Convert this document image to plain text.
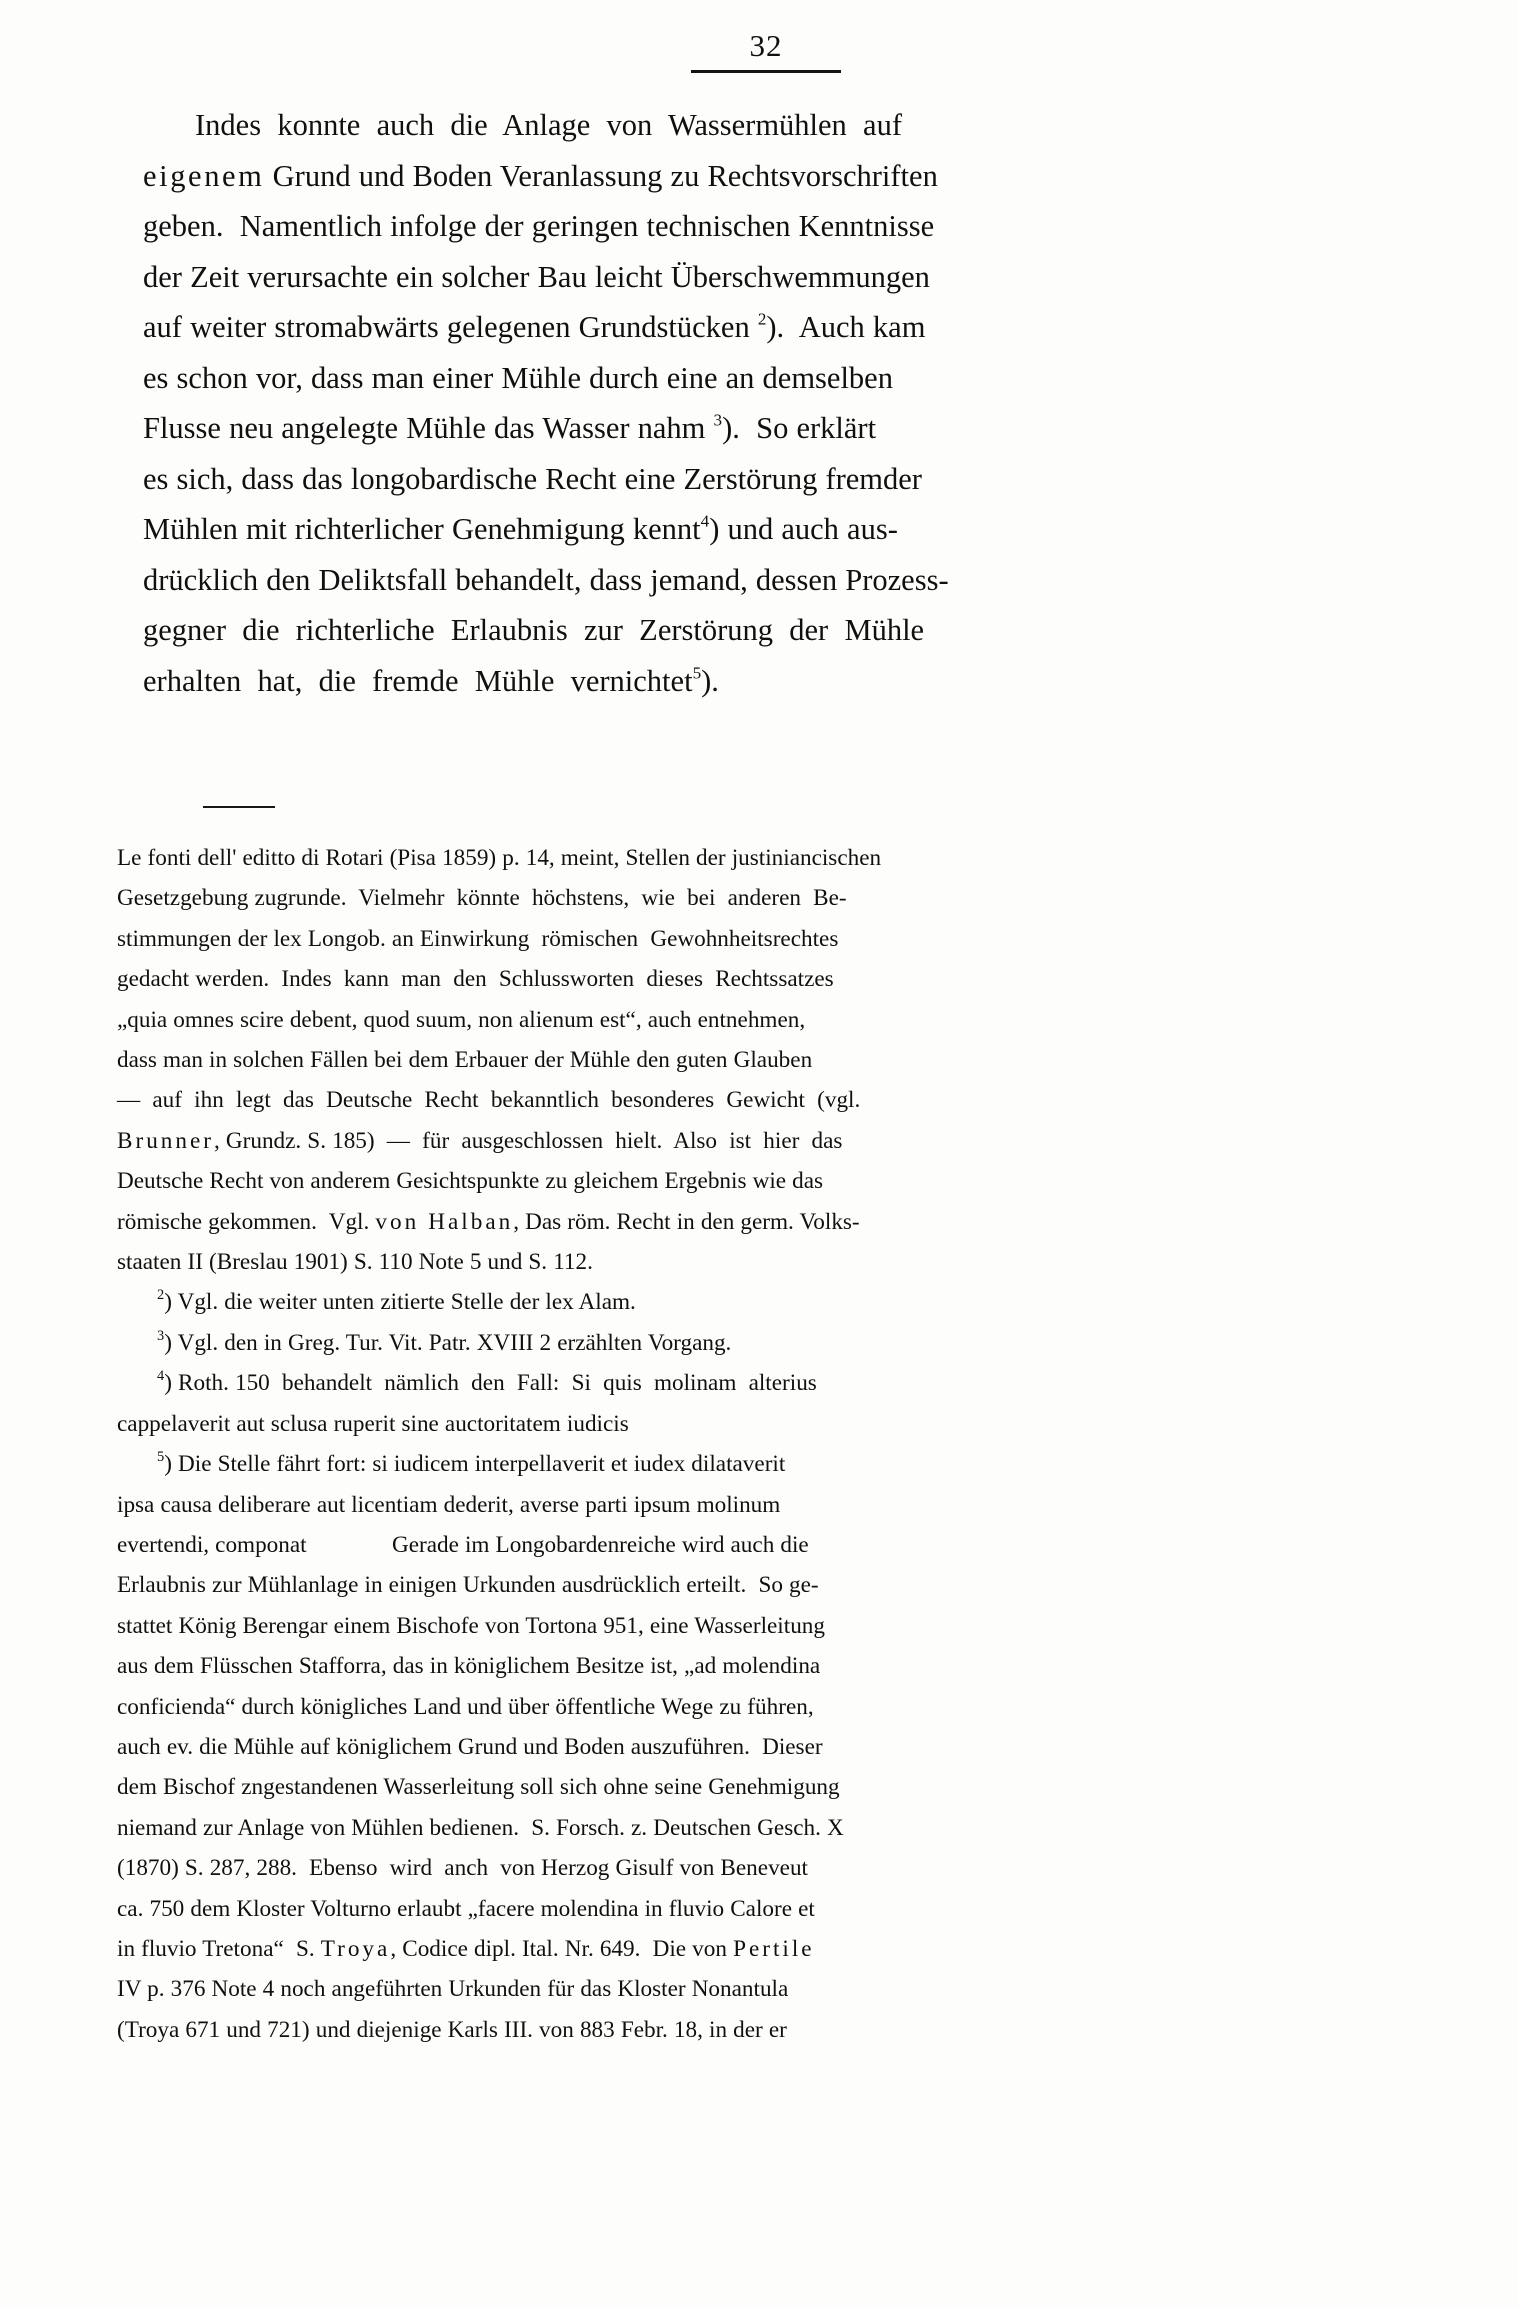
32

Indes  konnte  auch  die  Anlage  von  Wassermühlen  auf
eigenem Grund und Boden Veranlassung zu Rechtsvorschriften
geben.  Namentlich infolge der geringen technischen Kenntnisse
der Zeit verursachte ein solcher Bau leicht Überschwemmungen
auf weiter stromabwärts gelegenen Grundstücken $^2$).  Auch kam
es schon vor, dass man einer Mühle durch eine an demselben
Flusse neu angelegte Mühle das Wasser nahm $^3$).  So erklärt
es sich, dass das longobardische Recht eine Zerstörung fremder
Mühlen mit richterlicher Genehmigung kennt$^4$) und auch aus-
drücklich den Deliktsfall behandelt, dass jemand, dessen Prozess-
gegner  die  richterliche  Erlaubnis  zur  Zerstörung  der  Mühle
erhalten  hat,  die  fremde  Mühle  vernichtet$^5$).

Le fonti dell' editto di Rotari (Pisa 1859) p. 14, meint, Stellen der justiniancischen
Gesetzgebung zugrunde.  Vielmehr  könnte  höchstens,  wie  bei  anderen  Be-
stimmungen der lex Longob. an Einwirkung  römischen  Gewohnheitsrechtes
gedacht werden.  Indes  kann  man  den  Schlussworten  dieses  Rechtssatzes
„quia omnes scire debent, quod suum, non alienum est“, auch entnehmen,
dass man in solchen Fällen bei dem Erbauer der Mühle den guten Glauben
—  auf  ihn  legt  das  Deutsche  Recht  bekanntlich  besonderes  Gewicht  (vgl.
Brunner, Grundz. S. 185)  —  für  ausgeschlossen  hielt.  Also  ist  hier  das
Deutsche Recht von anderem Gesichtspunkte zu gleichem Ergebnis wie das
römische gekommen.  Vgl. von Halban, Das röm. Recht in den germ. Volks-
staaten II (Breslau 1901) S. 110 Note 5 und S. 112.

$^2$) Vgl. die weiter unten zitierte Stelle der lex Alam.

$^3$) Vgl. den in Greg. Tur. Vit. Patr. XVIII 2 erzählten Vorgang.

$^4$) Roth. 150  behandelt  nämlich  den  Fall:  Si  quis  molinam  alterius
cappelaverit aut sclusa ruperit sine auctoritatem iudicis

$^5$) Die Stelle fährt fort: si iudicem interpellaverit et iudex dilataverit
ipsa causa deliberare aut licentiam dederit, averse parti ipsum molinum
evertendi, componat              Gerade im Longobardenreiche wird auch die
Erlaubnis zur Mühlanlage in einigen Urkunden ausdrücklich erteilt.  So ge-
stattet König Berengar einem Bischofe von Tortona 951, eine Wasserleitung
aus dem Flüsschen Stafforra, das in königlichem Besitze ist, „ad molendina
conficienda“ durch königliches Land und über öffentliche Wege zu führen,
auch ev. die Mühle auf königlichem Grund und Boden auszuführen.  Dieser
dem Bischof zngestandenen Wasserleitung soll sich ohne seine Genehmigung
niemand zur Anlage von Mühlen bedienen.  S. Forsch. z. Deutschen Gesch. X
(1870) S. 287, 288.  Ebenso  wird  anch  von Herzog Gisulf von Beneveut
ca. 750 dem Kloster Volturno erlaubt „facere molendina in fluvio Calore et
in fluvio Tretona“  S. Troya, Codice dipl. Ital. Nr. 649.  Die von Pertile
IV p. 376 Note 4 noch angeführten Urkunden für das Kloster Nonantula
(Troya 671 und 721) und diejenige Karls III. von 883 Febr. 18, in der er
